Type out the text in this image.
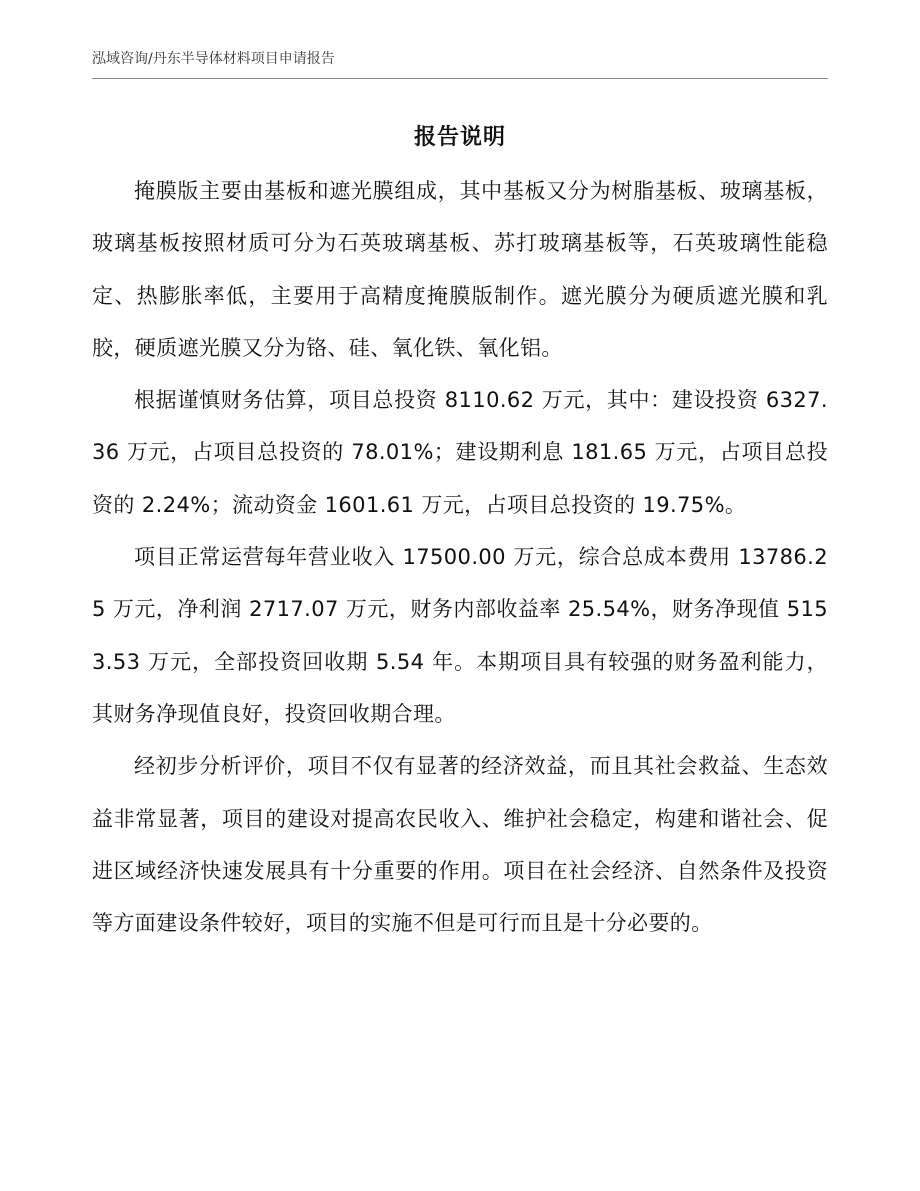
泓域咨询/丹东半导体材料项目申请报告
报告说明

掩膜版主要由基板和遮光膜组成，其中基板又分为树脂基板、玻璃基板，玻璃基板按照材质可分为石英玻璃基板、苏打玻璃基板等，石英玻璃性能稳定、热膨胀率低，主要用于高精度掩膜版制作。遮光膜分为硬质遮光膜和乳胶，硬质遮光膜又分为铬、硅、氧化铁、氧化铝。

根据谨慎财务估算，项目总投资 8110.62 万元，其中：建设投资 6327.36 万元，占项目总投资的 78.01%；建设期利息 181.65 万元，占项目总投资的 2.24%；流动资金 1601.61 万元，占项目总投资的 19.75%。

项目正常运营每年营业收入 17500.00 万元，综合总成本费用 13786.25 万元，净利润 2717.07 万元，财务内部收益率 25.54%，财务净现值 5153.53 万元，全部投资回收期 5.54 年。本期项目具有较强的财务盈利能力，其财务净现值良好，投资回收期合理。

经初步分析评价，项目不仅有显著的经济效益，而且其社会救益、生态效益非常显著，项目的建设对提高农民收入、维护社会稳定，构建和谐社会、促进区域经济快速发展具有十分重要的作用。项目在社会经济、自然条件及投资等方面建设条件较好，项目的实施不但是可行而且是十分必要的。
